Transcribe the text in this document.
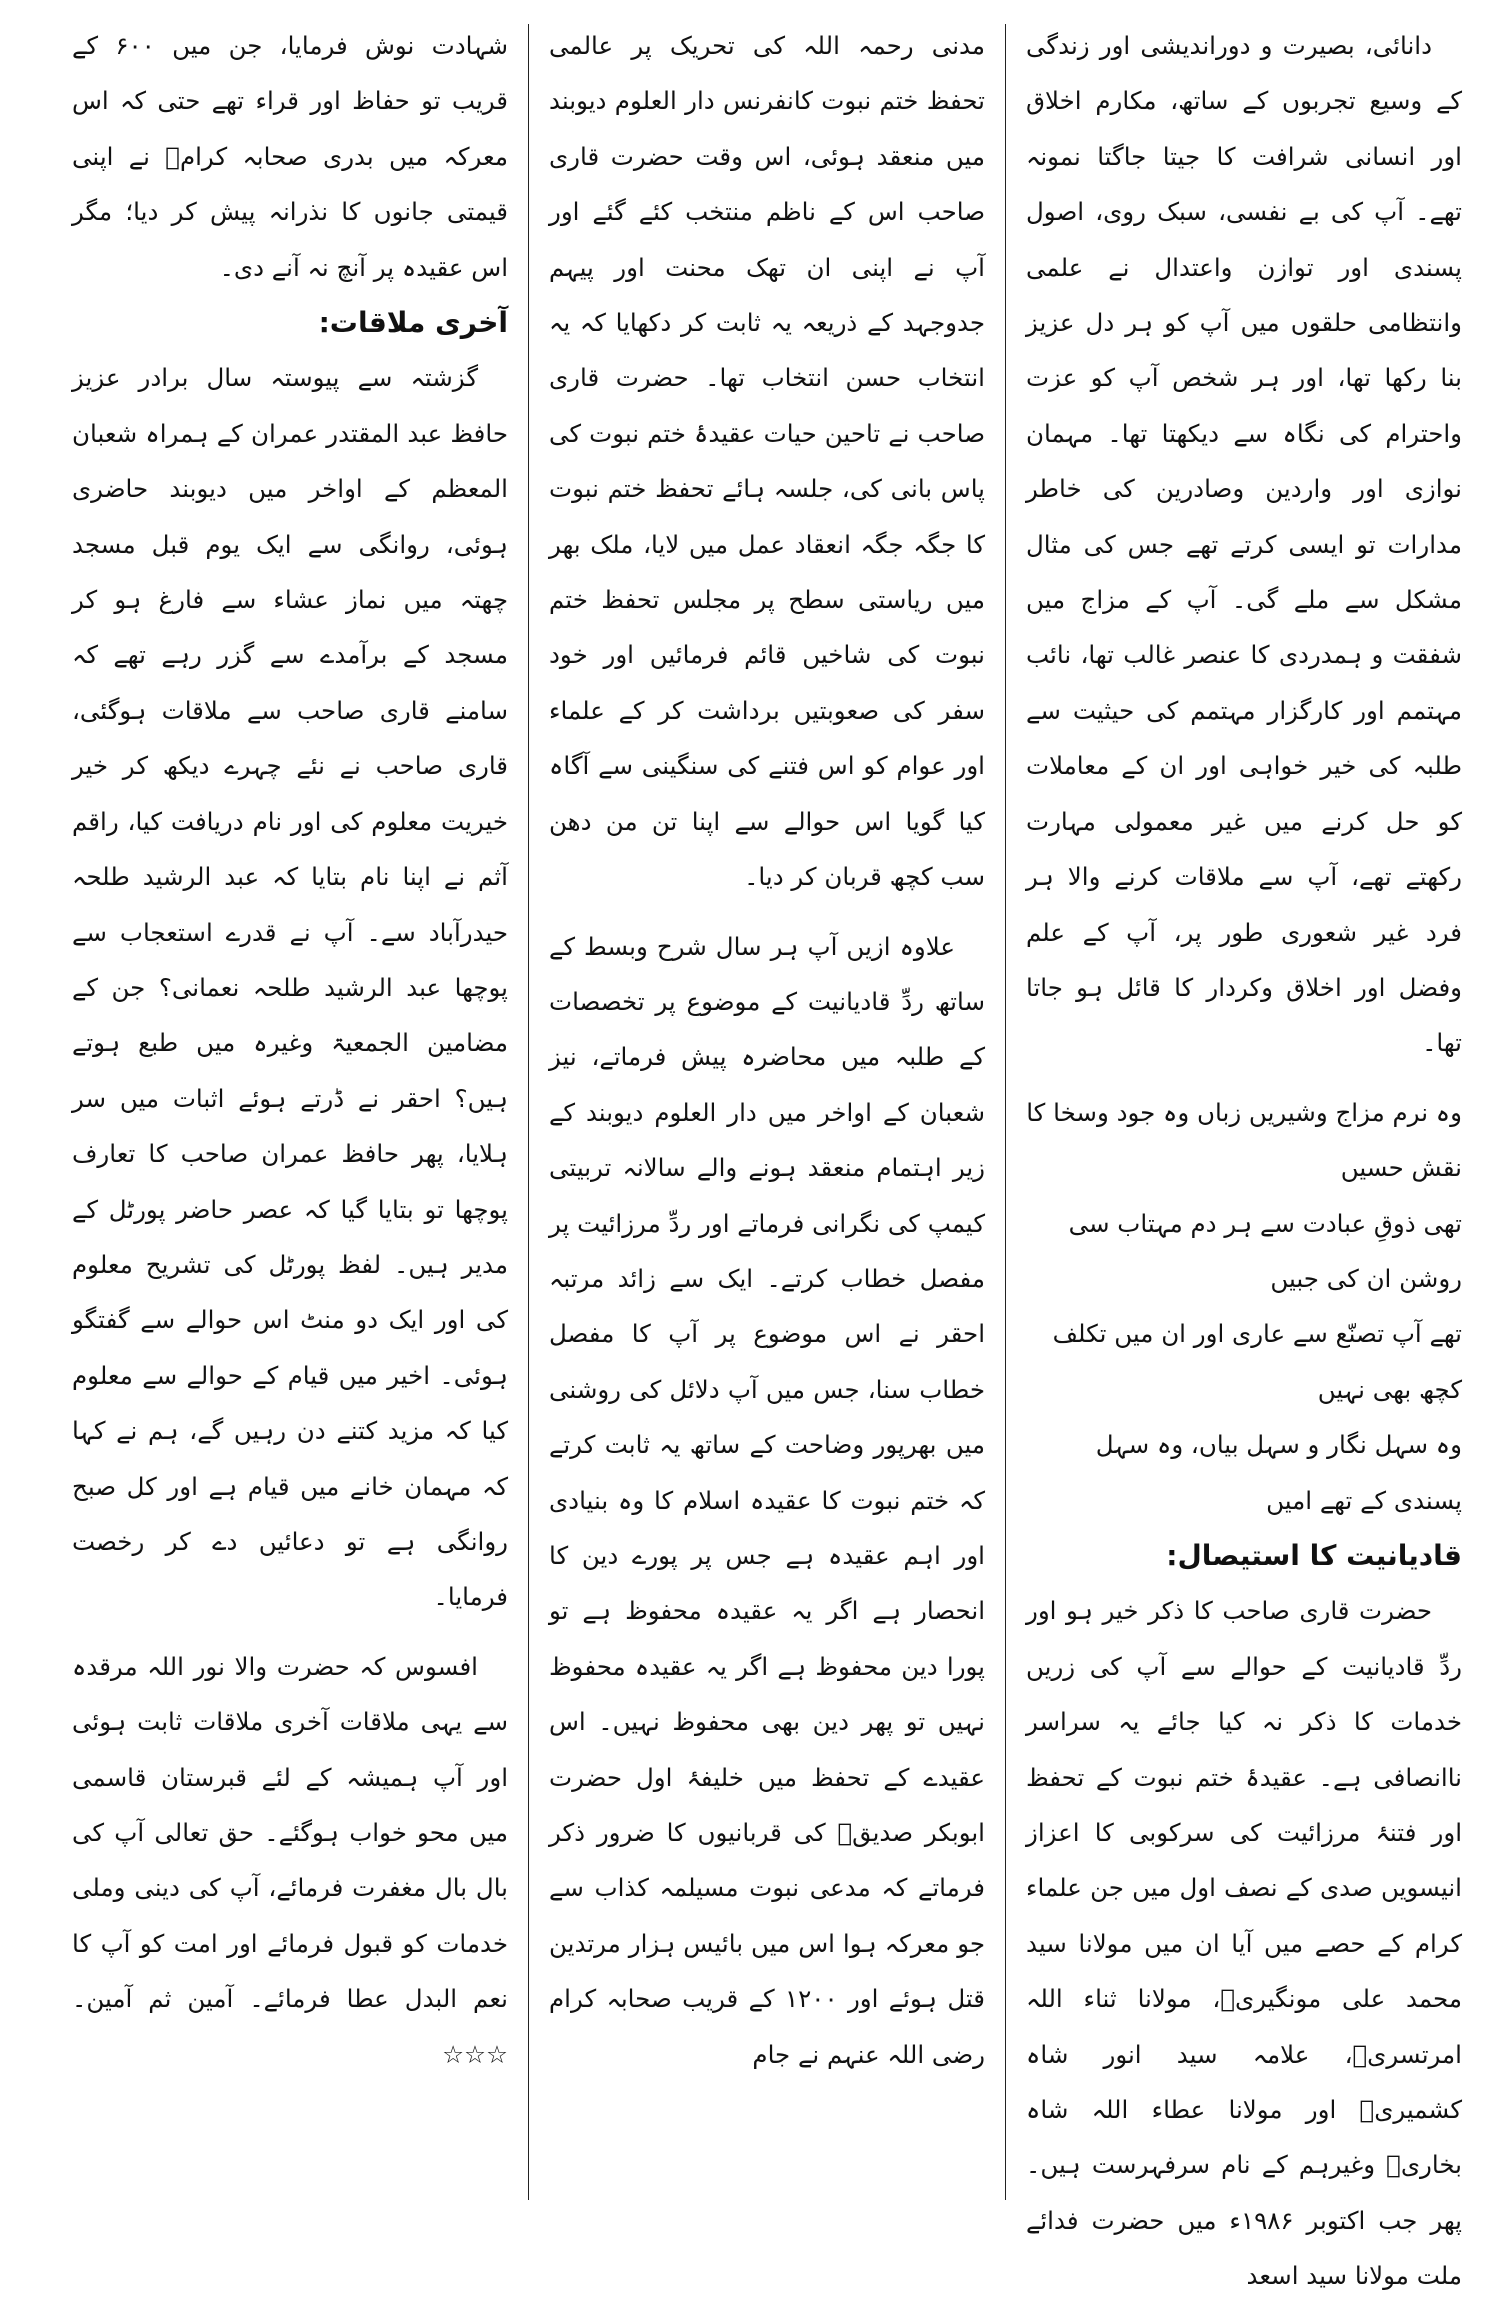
دانائی، بصیرت و دوراندیشی اور زندگی کے وسیع تجربوں کے ساتھ، مکارم اخلاق اور انسانی شرافت کا جیتا جاگتا نمونہ تھے۔ آپ کی بے نفسی، سبک روی، اصول پسندی اور توازن واعتدال نے علمی وانتظامی حلقوں میں آپ کو ہر دل عزیز بنا رکھا تھا، اور ہر شخص آپ کو عزت واحترام کی نگاہ سے دیکھتا تھا۔ مہمان نوازی اور واردین وصادرین کی خاطر مدارات تو ایسی کرتے تھے جس کی مثال مشکل سے ملے گی۔ آپ کے مزاج میں شفقت و ہمدردی کا عنصر غالب تھا، نائب مہتمم اور کارگزار مہتمم کی حیثیت سے طلبہ کی خیر خواہی اور ان کے معاملات کو حل کرنے میں غیر معمولی مہارت رکھتے تھے، آپ سے ملاقات کرنے والا ہر فرد غیر شعوری طور پر، آپ کے علم وفضل اور اخلاق وکردار کا قائل ہو جاتا تھا۔

وہ نرم مزاج وشیریں زباں وہ جود وسخا کا نقش حسیں

تھی ذوقِ عبادت سے ہر دم مہتاب سی روشن ان کی جبیں

تھے آپ تصنّع سے عاری اور ان میں تکلف کچھ بھی نہیں

وہ سہل نگار و سہل بیاں، وہ سہل پسندی کے تھے امیں

قادیانیت کا استیصال:

حضرت قاری صاحب کا ذکر خیر ہو اور ردِّ قادیانیت کے حوالے سے آپ کی زریں خدمات کا ذکر نہ کیا جائے یہ سراسر ناانصافی ہے۔ عقیدۂ ختم نبوت کے تحفظ اور فتنۂ مرزائیت کی سرکوبی کا اعزاز انیسویں صدی کے نصف اول میں جن علماء کرام کے حصے میں آیا ان میں مولانا سید محمد علی مونگیریؒ، مولانا ثناء اللہ امرتسریؒ، علامہ سید انور شاہ کشمیریؒ اور مولانا عطاء اللہ شاہ بخاریؒ وغیرہم کے نام سرفہرست ہیں۔ پھر جب اکتوبر ۱۹۸۶ء میں حضرت فدائے ملت مولانا سید اسعد

مدنی رحمہ اللہ کی تحریک پر عالمی تحفظ ختم نبوت کانفرنس دار العلوم دیوبند میں منعقد ہوئی، اس وقت حضرت قاری صاحب اس کے ناظم منتخب کئے گئے اور آپ نے اپنی ان تھک محنت اور پیہم جدوجہد کے ذریعہ یہ ثابت کر دکھایا کہ یہ انتخاب حسن انتخاب تھا۔ حضرت قاری صاحب نے تاحین حیات عقیدۂ ختم نبوت کی پاس بانی کی، جلسہ ہائے تحفظ ختم نبوت کا جگہ جگہ انعقاد عمل میں لایا، ملک بھر میں ریاستی سطح پر مجلس تحفظ ختم نبوت کی شاخیں قائم فرمائیں اور خود سفر کی صعوبتیں برداشت کر کے علماء اور عوام کو اس فتنے کی سنگینی سے آگاہ کیا گویا اس حوالے سے اپنا تن من دھن سب کچھ قربان کر دیا۔

علاوہ ازیں آپ ہر سال شرح وبسط کے ساتھ ردِّ قادیانیت کے موضوع پر تخصصات کے طلبہ میں محاضرہ پیش فرماتے، نیز شعبان کے اواخر میں دار العلوم دیوبند کے زیر اہتمام منعقد ہونے والے سالانہ تربیتی کیمپ کی نگرانی فرماتے اور ردِّ مرزائیت پر مفصل خطاب کرتے۔ ایک سے زائد مرتبہ احقر نے اس موضوع پر آپ کا مفصل خطاب سنا، جس میں آپ دلائل کی روشنی میں بھرپور وضاحت کے ساتھ یہ ثابت کرتے کہ ختم نبوت کا عقیدہ اسلام کا وہ بنیادی اور اہم عقیدہ ہے جس پر پورے دین کا انحصار ہے اگر یہ عقیدہ محفوظ ہے تو پورا دین محفوظ ہے اگر یہ عقیدہ محفوظ نہیں تو پھر دین بھی محفوظ نہیں۔ اس عقیدے کے تحفظ میں خلیفۂ اول حضرت ابوبکر صدیقؓ کی قربانیوں کا ضرور ذکر فرماتے کہ مدعی نبوت مسیلمہ کذاب سے جو معرکہ ہوا اس میں بائیس ہزار مرتدین قتل ہوئے اور ۱۲۰۰ کے قریب صحابہ کرام رضی اللہ عنہم نے جام

شہادت نوش فرمایا، جن میں ۶۰۰ کے قریب تو حفاظ اور قراء تھے حتی کہ اس معرکہ میں بدری صحابہ کرامؓ نے اپنی قیمتی جانوں کا نذرانہ پیش کر دیا؛ مگر اس عقیدہ پر آنچ نہ آنے دی۔

آخری ملاقات:

گزشتہ سے پیوستہ سال برادر عزیز حافظ عبد المقتدر عمران کے ہمراہ شعبان المعظم کے اواخر میں دیوبند حاضری ہوئی، روانگی سے ایک یوم قبل مسجد چھتہ میں نماز عشاء سے فارغ ہو کر مسجد کے برآمدے سے گزر رہے تھے کہ سامنے قاری صاحب سے ملاقات ہوگئی، قاری صاحب نے نئے چہرے دیکھ کر خیر خیریت معلوم کی اور نام دریافت کیا، راقم آثم نے اپنا نام بتایا کہ عبد الرشید طلحہ حیدرآباد سے۔ آپ نے قدرے استعجاب سے پوچھا عبد الرشید طلحہ نعمانی؟ جن کے مضامین الجمعیۃ وغیرہ میں طبع ہوتے ہیں؟ احقر نے ڈرتے ہوئے اثبات میں سر ہلایا، پھر حافظ عمران صاحب کا تعارف پوچھا تو بتایا گیا کہ عصر حاضر پورٹل کے مدیر ہیں۔ لفظ پورٹل کی تشریح معلوم کی اور ایک دو منٹ اس حوالے سے گفتگو ہوئی۔ اخیر میں قیام کے حوالے سے معلوم کیا کہ مزید کتنے دن رہیں گے، ہم نے کہا کہ مہمان خانے میں قیام ہے اور کل صبح روانگی ہے تو دعائیں دے کر رخصت فرمایا۔

افسوس کہ حضرت والا نور اللہ مرقدہ سے یہی ملاقات آخری ملاقات ثابت ہوئی اور آپ ہمیشہ کے لئے قبرستان قاسمی میں محو خواب ہوگئے۔ حق تعالی آپ کی بال بال مغفرت فرمائے، آپ کی دینی وملی خدمات کو قبول فرمائے اور امت کو آپ کا نعم البدل عطا فرمائے۔ آمین ثم آمین۔ ☆☆☆
